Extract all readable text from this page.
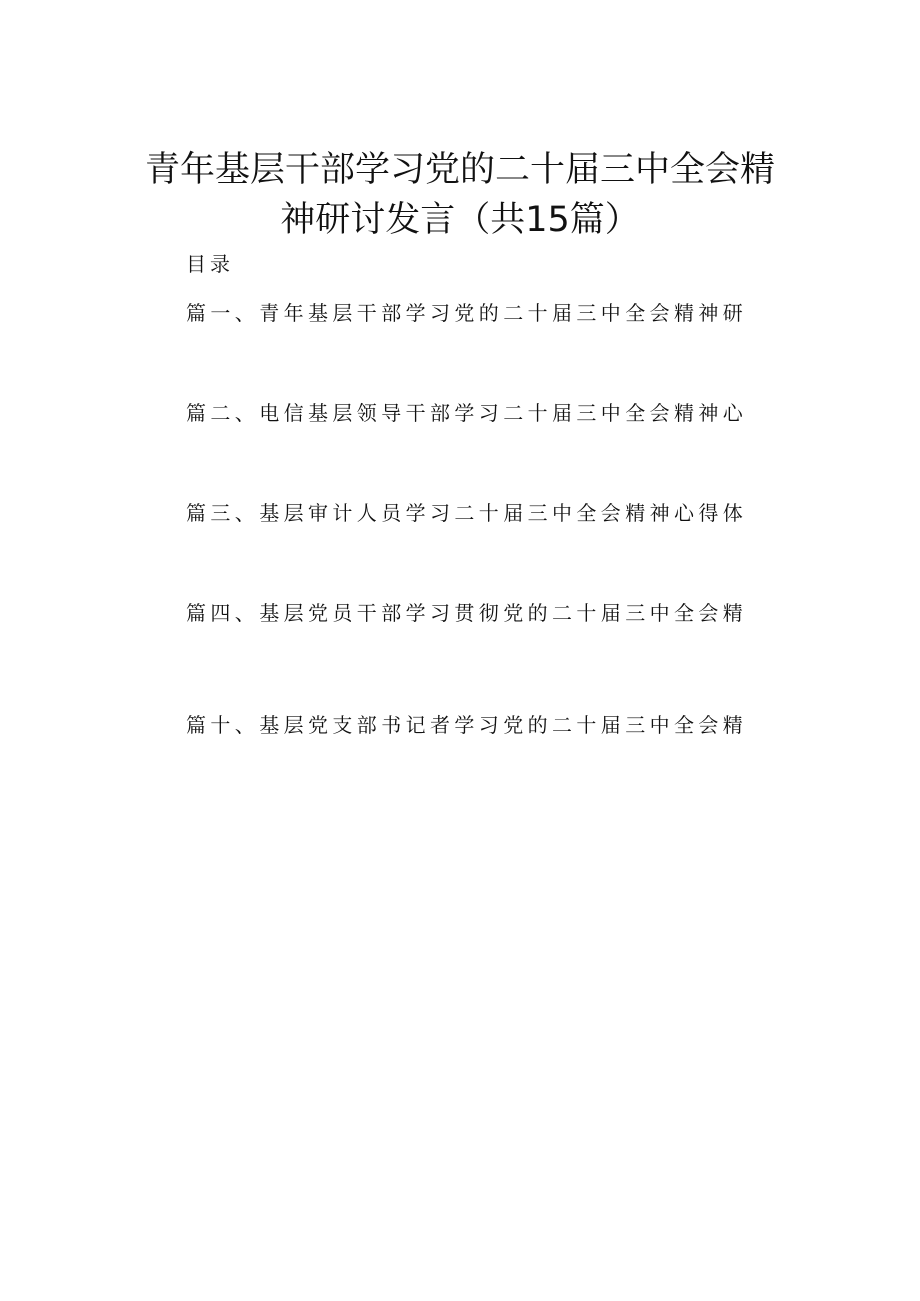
青年基层干部学习党的二十届三中全会精
神研讨发言（共15篇）
目录
篇一、青年基层干部学习党的二十届三中全会精神研
篇二、电信基层领导干部学习二十届三中全会精神心
篇三、基层审计人员学习二十届三中全会精神心得体
篇四、基层党员干部学习贯彻党的二十届三中全会精
篇十、基层党支部书记者学习党的二十届三中全会精
